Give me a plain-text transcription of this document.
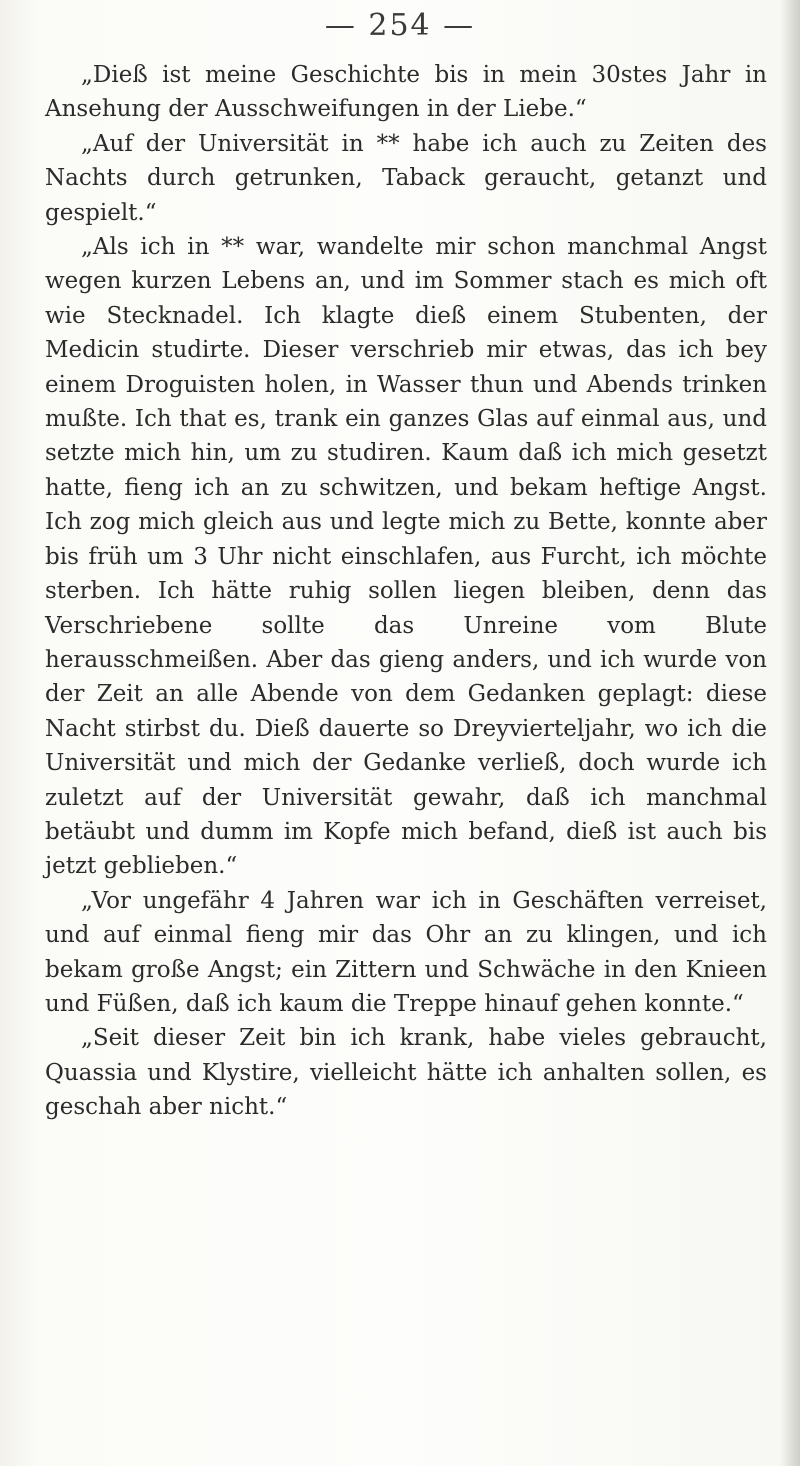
— 254 —

„Dieß ist meine Geschichte bis in mein 30stes Jahr in Ansehung der Ausschweifungen in der Liebe.“

„Auf der Universität in ** habe ich auch zu Zeiten des Nachts durch getrunken, Taback geraucht, getanzt und gespielt.“

„Als ich in ** war, wandelte mir schon manchmal Angst wegen kurzen Lebens an, und im Sommer stach es mich oft wie Stecknadel. Ich klagte dieß einem Stubenten, der Medicin studirte. Dieser verschrieb mir etwas, das ich bey einem Droguisten holen, in Wasser thun und Abends trinken mußte. Ich that es, trank ein ganzes Glas auf einmal aus, und setzte mich hin, um zu studiren. Kaum daß ich mich gesetzt hatte, fieng ich an zu schwitzen, und bekam heftige Angst. Ich zog mich gleich aus und legte mich zu Bette, konnte aber bis früh um 3 Uhr nicht einschlafen, aus Furcht, ich möchte sterben. Ich hätte ruhig sollen liegen bleiben, denn das Verschriebene sollte das Unreine vom Blute herausschmeißen. Aber das gieng anders, und ich wurde von der Zeit an alle Abende von dem Gedanken geplagt: diese Nacht stirbst du. Dieß dauerte so Dreyvierteljahr, wo ich die Universität und mich der Gedanke verließ, doch wurde ich zuletzt auf der Universität gewahr, daß ich manchmal betäubt und dumm im Kopfe mich befand, dieß ist auch bis jetzt geblieben.“

„Vor ungefähr 4 Jahren war ich in Geschäften verreiset, und auf einmal fieng mir das Ohr an zu klingen, und ich bekam große Angst; ein Zittern und Schwäche in den Knieen und Füßen, daß ich kaum die Treppe hinauf gehen konnte.“

„Seit dieser Zeit bin ich krank, habe vieles gebraucht, Quassia und Klystire, vielleicht hätte ich anhalten sollen, es geschah aber nicht.“
